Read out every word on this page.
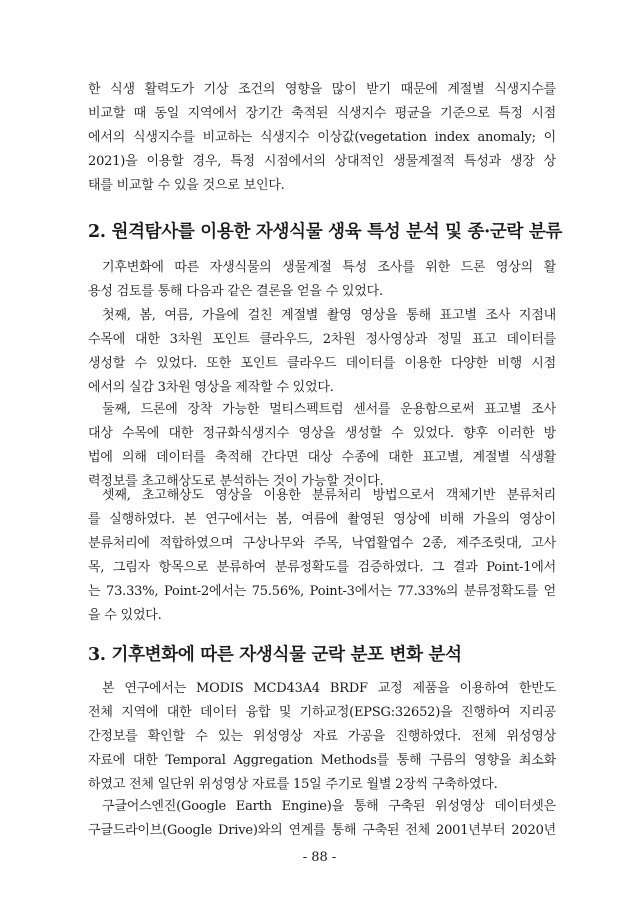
한 식생 활력도가 기상 조건의 영향을 많이 받기 때문에 계절별 식생지수를
비교할 때 동일 지역에서 장기간 축적된 식생지수 평균을 기준으로 특정 시점
에서의 식생지수를 비교하는 식생지수 이상값(vegetation index anomaly; 이
2021)을 이용할 경우, 특정 시점에서의 상대적인 생물계절적 특성과 생장 상
태를 비교할 수 있을 것으로 보인다.
2. 원격탐사를 이용한 자생식물 생육 특성 분석 및 종·군락 분류
기후변화에 따른 자생식물의 생물계절 특성 조사를 위한 드론 영상의 활
용성 검토를 통해 다음과 같은 결론을 얻을 수 있었다.
첫째, 봄, 여름, 가을에 걸친 계절별 촬영 영상을 통해 표고별 조사 지점내
수목에 대한 3차원 포인트 클라우드, 2차원 정사영상과 정밀 표고 데이터를
생성할 수 있었다. 또한 포인트 클라우드 데이터를 이용한 다양한 비행 시점
에서의 실감 3차원 영상을 제작할 수 있었다.
둘째, 드론에 장착 가능한 멀티스펙트럼 센서를 운용함으로써 표고별 조사
대상 수목에 대한 정규화식생지수 영상을 생성할 수 있었다. 향후 이러한 방
법에 의해 데이터를 축적해 간다면 대상 수종에 대한 표고별, 계절별 식생활
력정보를 초고해상도로 분석하는 것이 가능할 것이다.
셋째, 초고해상도 영상을 이용한 분류처리 방법으로서 객체기반 분류처리
를 실행하였다. 본 연구에서는 봄, 여름에 촬영된 영상에 비해 가을의 영상이
분류처리에 적합하였으며 구상나무와 주목, 낙엽활엽수 2종, 제주조릿대, 고사
목, 그림자 항목으로 분류하여 분류정확도를 검증하였다. 그 결과 Point-1에서
는 73.33%, Point-2에서는 75.56%, Point-3에서는 77.33%의 분류정확도를 얻
을 수 있었다.
3. 기후변화에 따른 자생식물 군락 분포 변화 분석
본 연구에서는 MODIS MCD43A4 BRDF 교정 제품을 이용하여 한반도
전체 지역에 대한 데이터 융합 및 기하교정(EPSG:32652)을 진행하여 지리공
간정보를 확인할 수 있는 위성영상 자료 가공을 진행하였다. 전체 위성영상
자료에 대한 Temporal Aggregation Methods를 통해 구름의 영향을 최소화
하였고 전체 일단위 위성영상 자료를 15일 주기로 월별 2장씩 구축하였다.
구글어스엔진(Google Earth Engine)을 통해 구축된 위성영상 데이터셋은
구글드라이브(Google Drive)와의 연계를 통해 구축된 전체 2001년부터 2020년
- 88 -
